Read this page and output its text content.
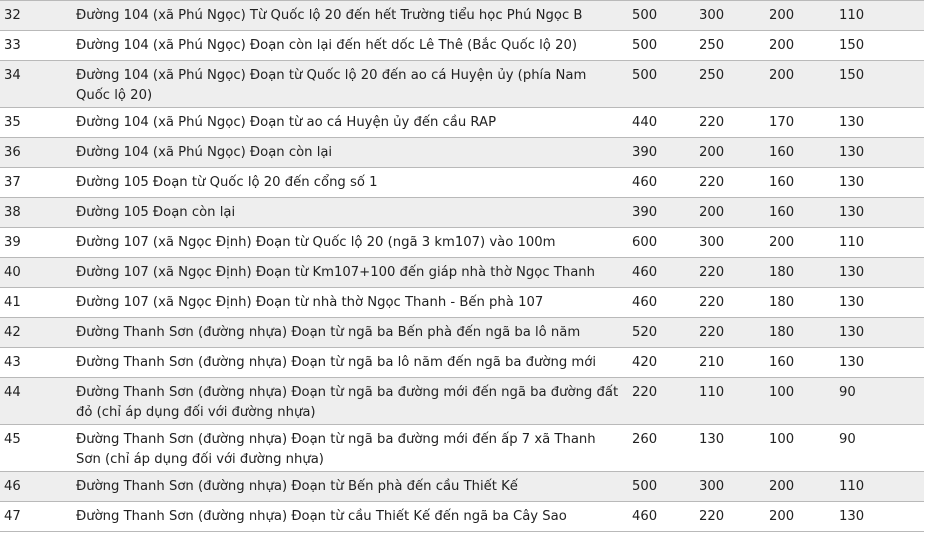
32	Đường 104 (xã Phú Ngọc) Từ Quốc lộ 20 đến hết Trường tiểu học Phú Ngọc B	500	300	200	110
33	Đường 104 (xã Phú Ngọc) Đoạn còn lại đến hết dốc Lê Thê (Bắc Quốc lộ 20)	500	250	200	150
34	Đường 104 (xã Phú Ngọc) Đoạn từ Quốc lộ 20 đến ao cá Huyện ủy (phía Nam Quốc lộ 20)	500	250	200	150
35	Đường 104 (xã Phú Ngọc) Đoạn từ ao cá Huyện ủy đến cầu RAP	440	220	170	130
36	Đường 104 (xã Phú Ngọc) Đoạn còn lại	390	200	160	130
37	Đường 105 Đoạn từ Quốc lộ 20 đến cổng số 1	460	220	160	130
38	Đường 105 Đoạn còn lại	390	200	160	130
39	Đường 107 (xã Ngọc Định) Đoạn từ Quốc lộ 20 (ngã 3 km107) vào 100m	600	300	200	110
40	Đường 107 (xã Ngọc Định) Đoạn từ Km107+100 đến giáp nhà thờ Ngọc Thanh	460	220	180	130
41	Đường 107 (xã Ngọc Định) Đoạn từ nhà thờ Ngọc Thanh - Bến phà 107	460	220	180	130
42	Đường Thanh Sơn (đường nhựa) Đoạn từ ngã ba Bến phà đến ngã ba lô năm	520	220	180	130
43	Đường Thanh Sơn (đường nhựa) Đoạn từ ngã ba lô năm đến ngã ba đường mới	420	210	160	130
44	Đường Thanh Sơn (đường nhựa) Đoạn từ ngã ba đường mới đến ngã ba đường đất đỏ (chỉ áp dụng đối với đường nhựa)	220	110	100	90
45	Đường Thanh Sơn (đường nhựa) Đoạn từ ngã ba đường mới đến ấp 7 xã Thanh Sơn (chỉ áp dụng đối với đường nhựa)	260	130	100	90
46	Đường Thanh Sơn (đường nhựa) Đoạn từ Bến phà đến cầu Thiết Kế	500	300	200	110
47	Đường Thanh Sơn (đường nhựa) Đoạn từ cầu Thiết Kế đến ngã ba Cây Sao	460	220	200	130
